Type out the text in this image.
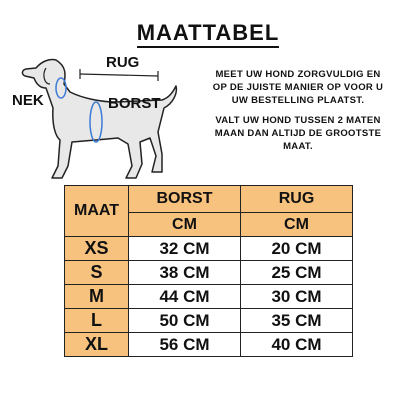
MAATTABEL
RUG
NEK	BORST
MEET UW HOND ZORGVULDIG EN
OP DE JUISTE MANIER OP VOOR U
UW BESTELLING PLAATST.
VALT UW HOND TUSSEN 2 MATEN
MAAN DAN ALTIJD DE GROOTSTE
MAAT.
MAAT	BORST	RUG
	CM	CM
XS	32 CM	20 CM
S	38 CM	25 CM
M	44 CM	30 CM
L	50 CM	35 CM
XL	56 CM	40 CM
